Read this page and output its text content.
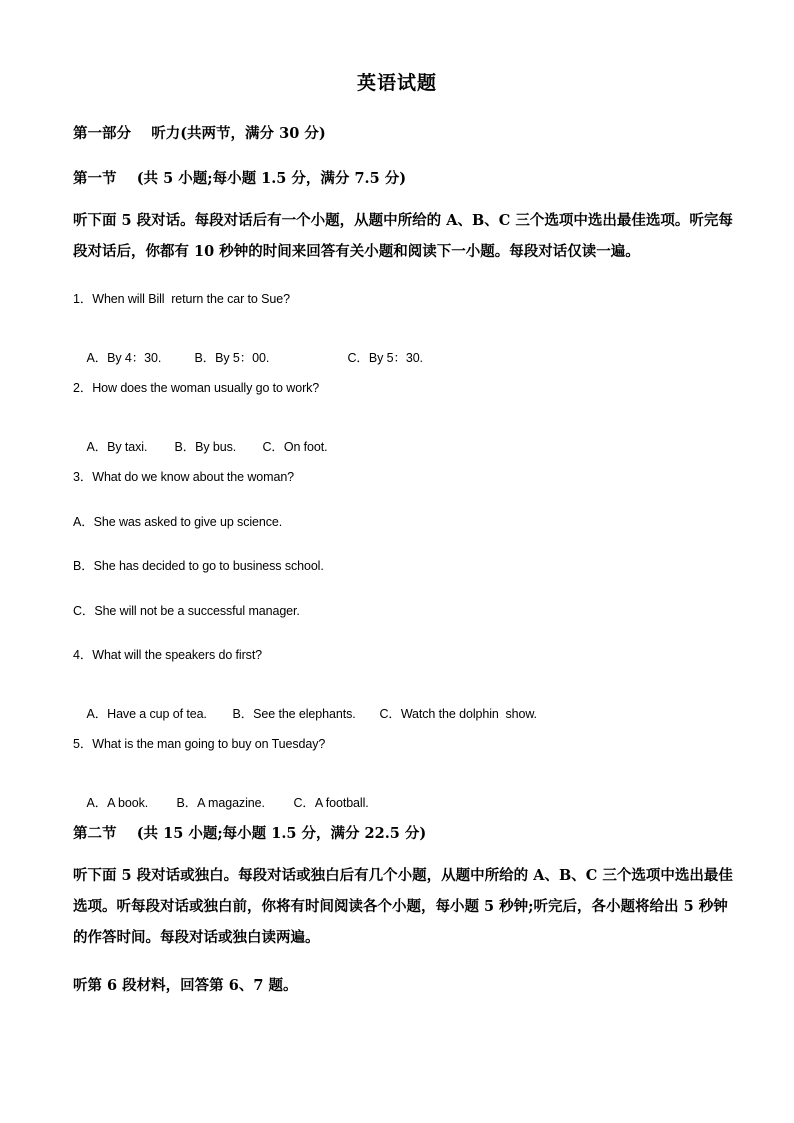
英语试题
第一部分    听力(共两节，满分 30 分)
第一节    (共 5 小题;每小题 1.5 分，满分 7.5 分)
听下面 5 段对话。每段对话后有一个小题，从题中所给的 A、B、C 三个选项中选出最佳选项。听完每段对话后，你都有 10 秒钟的时间来回答有关小题和阅读下一小题。每段对话仅读一遍。
1．When will Bill  return the car to Sue?

A．By 4：30.	B．By 5：00.	C．By 5：30.

2．How does the woman usually go to work?

A．By taxi. B．By bus. C．On foot.

3．What do we know about the woman?
A．She was asked to give up science.
B．She has decided to go to business school.
C．She will not be a successful manager.
4．What will the speakers do first?

A．Have a cup of tea. B．See the elephants. C．Watch the dolphin  show.

5．What is the man going to buy on Tuesday?

A．A book. B．A magazine. C．A football.

第二节    (共 15 小题;每小题 1.5 分，满分 22.5 分)
听下面 5 段对话或独白。每段对话或独白后有几个小题，从题中所给的 A、B、C 三个选项中选出最佳选项。听每段对话或独白前，你将有时间阅读各个小题，每小题 5 秒钟;听完后，各小题将给出 5 秒钟的作答时间。每段对话或独白读两遍。
听第 6 段材料，回答第 6、7 题。
